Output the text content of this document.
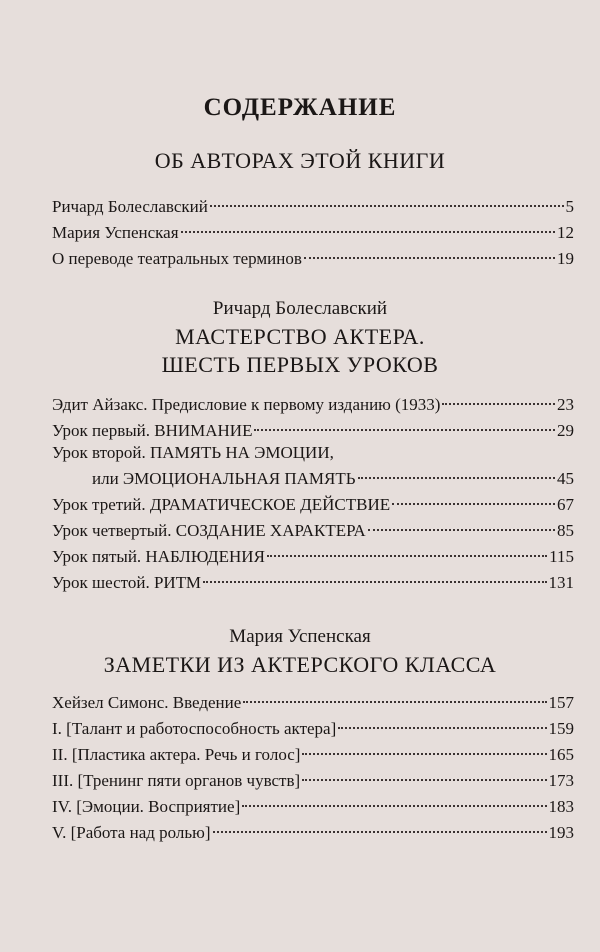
СОДЕРЖАНИЕ
ОБ АВТОРАХ ЭТОЙ КНИГИ
Ричард Болеславский	5
Мария Успенская	12
О переводе театральных терминов	19
Ричард Болеславский
МАСТЕРСТВО АКТЕРА.
ШЕСТЬ ПЕРВЫХ УРОКОВ
Эдит Айзакс. Предисловие к первому изданию (1933)	23
Урок первый. ВНИМАНИЕ	29
Урок второй. ПАМЯТЬ НА ЭМОЦИИ,
или ЭМОЦИОНАЛЬНАЯ ПАМЯТЬ	45
Урок третий. ДРАМАТИЧЕСКОЕ ДЕЙСТВИЕ	67
Урок четвертый. СОЗДАНИЕ ХАРАКТЕРА	85
Урок пятый. НАБЛЮДЕНИЯ	115
Урок шестой. РИТМ	131
Мария Успенская
ЗАМЕТКИ ИЗ АКТЕРСКОГО КЛАССА
Хейзел Симонс. Введение	157
I. [Талант и работоспособность актера]	159
II. [Пластика актера. Речь и голос]	165
III. [Тренинг пяти органов чувств]	173
IV. [Эмоции. Восприятие]	183
V. [Работа над ролью]	193
